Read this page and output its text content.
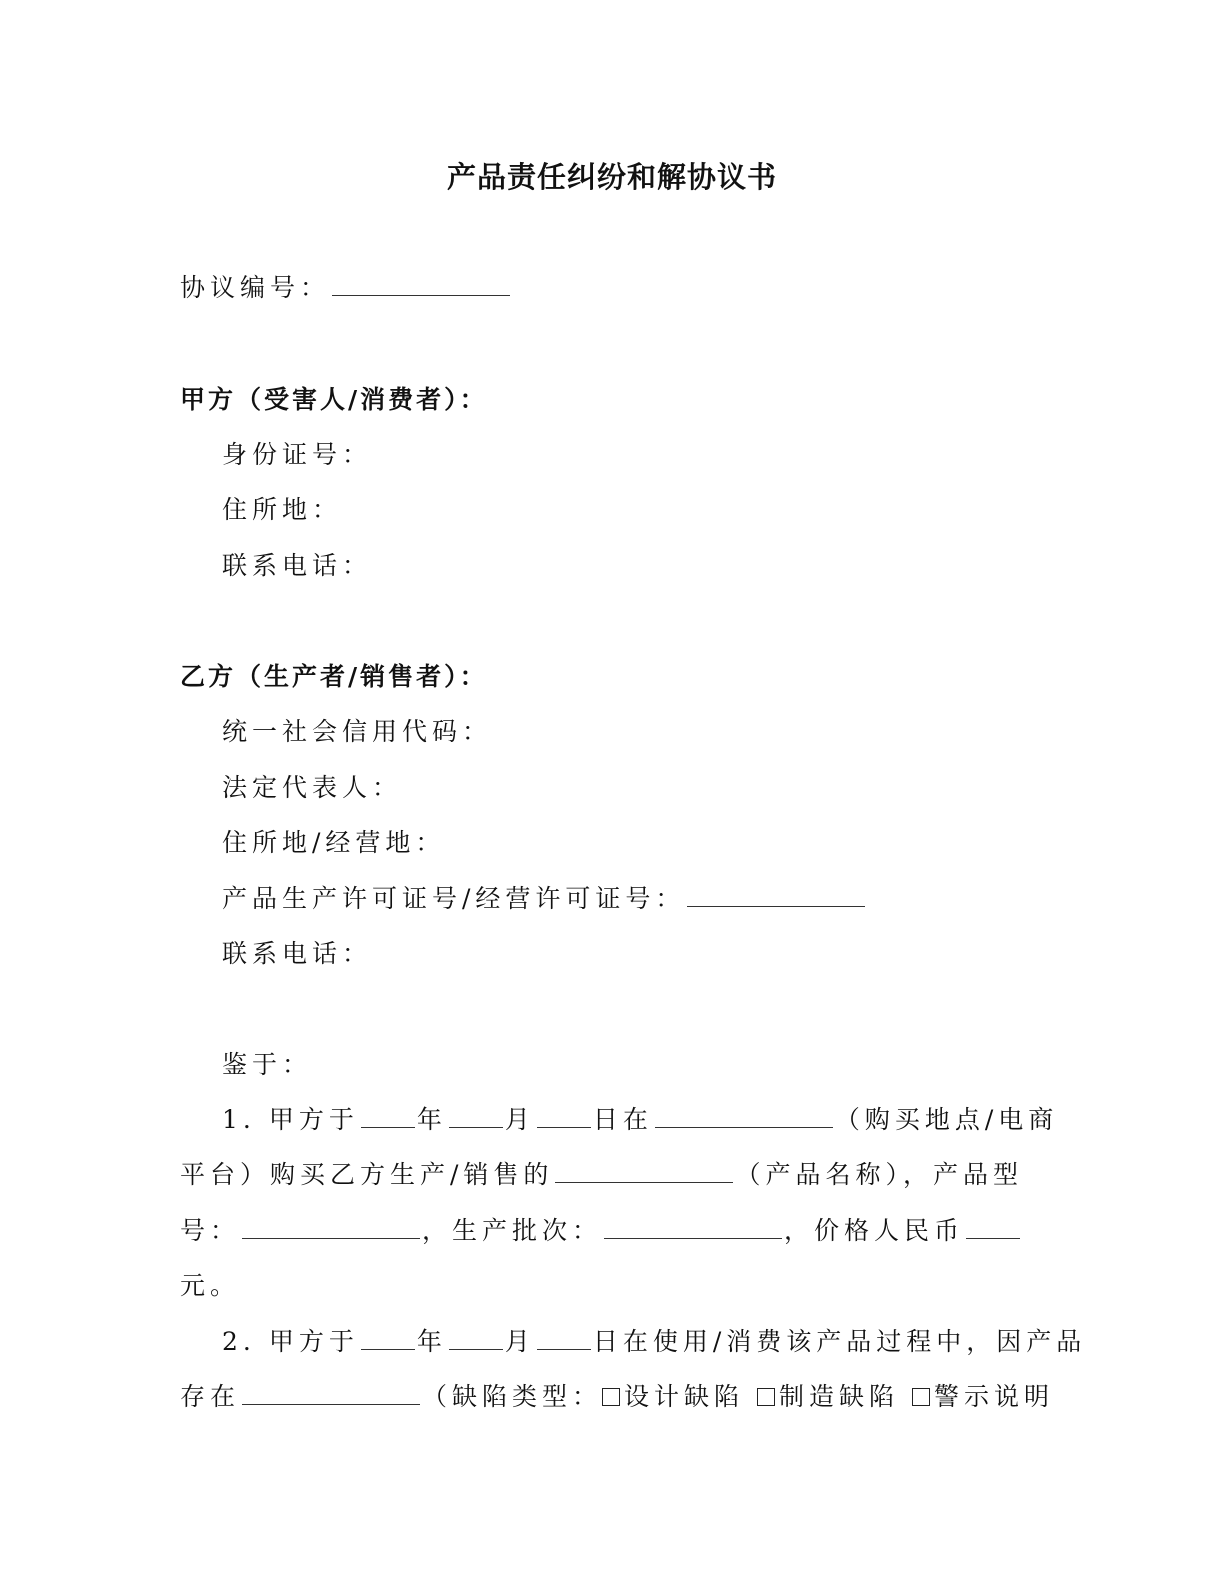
产品责任纠纷和解协议书
协议编号：
甲方（受害人/消费者）：
身份证号：
住所地：
联系电话：
乙方（生产者/销售者）：
统一社会信用代码：
法定代表人：
住所地/经营地：
产品生产许可证号/经营许可证号：
联系电话：
鉴于：
1. 甲方于 年 月 日在	（购买地点/电商
平台）购买乙方生产/销售的	（产品名称），产品型
号：	，生产批次：	，价格人民币
元。
2. 甲方于 年 月 日在使用/消费该产品过程中，因产品
存在	（缺陷类型： 设计缺陷 制造缺陷 警示说明
